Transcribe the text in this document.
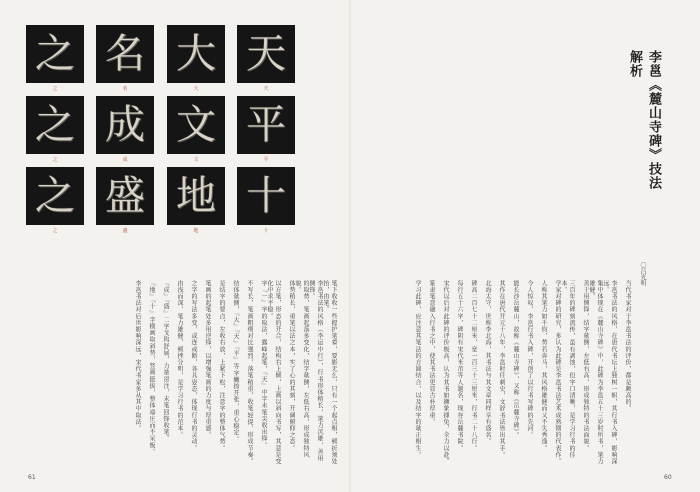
之 名 大 天
之	名	大	天
之 成 文 平
之	成	文	平
之 盛 地 十
之	盛	地	十
笔下收收一些握护笔着，要影无么，只有一个起点相，顿折须处抬，由笔。
李邕书法的风格（李运中行），行书形体稍长，笔力沉雄，善用侧锋。
的取势，笔画起落多变化，结字欹侧，左低右高，形成独特风貌。
体势稍长，重笔以法之本，实了心的其刻，开阔俯仰之态。
以方笔，形态的开合，结构右上倾，上画以斜向书写，其意是变化中求平稳。
字『一』字的取法，露峰起笔，『天』中字末笔尖收出锋。
不写长，笔画粗细对比强烈，落笔稍重，收笔轻提，形成节奏。
结体欹侧，『大』『天』『平』等字撇捺开张，重心稳定。
是结字的要点，左收右放，上紧下松，注意字的整体气势。
笔画的起笔处多用逆锋，以增强笔画的力度与厚重感。
之字的写法多变，或连或断，各具姿态，体现行书的灵动。
由浅而深，笔力雄健，顿挫分明，是学习行书的范本。
『成』『盛』二字戈钩舒展，力量贯注，末笔回锋收笔。
『地』『十』字横画取斜势，竖画挺拔，整体端庄而不呆板。
李邕书法对后世影响深远，宋代书家多从其中取法。
61
李邕《麓山寺碑》技法解析
〇吕光明
当代书家对于李邕书法的评价，都是颇高的。
李邕书法的风格，在唐代书坛上独树一帜，其行书入碑，影响深远。
集中体现在《麓山寺碑》中，此碑为李邕五十三岁时所书，笔力雄健。
善于用侧锋，结字欹侧，左低右高，形成独特的书法面貌。
三百年的碑刻流传，虽有剥蚀，但字口清晰，是学习行书的佳本。
学家对碑的研究，多认为此碑是李邕书法艺术成熟期的代表作。
人称其笔力如千钧，势若奔马，其风格雄健而又不失秀逸。
令人惊叹，李邕行书入碑，开创了以行书写碑的先河。
能长沙岳麓山，故称《麓山寺碑》，又称《岳麓寺碑》。
其作在唐代开元十八年，李邕时任刺史，文辞书法皆出其手。
北海太守，世称李北海，其书法与其文章同样享有盛名。
碑高二百七十二厘米，宽一百三十三厘米，行书二十八行。
每行五十六字，碑阴有宋代米芾等人题名，现存岳麓书院。
宋代以后对此碑的评价极高，认为其书如狮象搏兔，全力以赴。
篆隶笔意融入行书之中，使其书法更显古朴厚重。
学习此碑，应注意其笔法的方圆结合，以及结字的欹正相生。
60
